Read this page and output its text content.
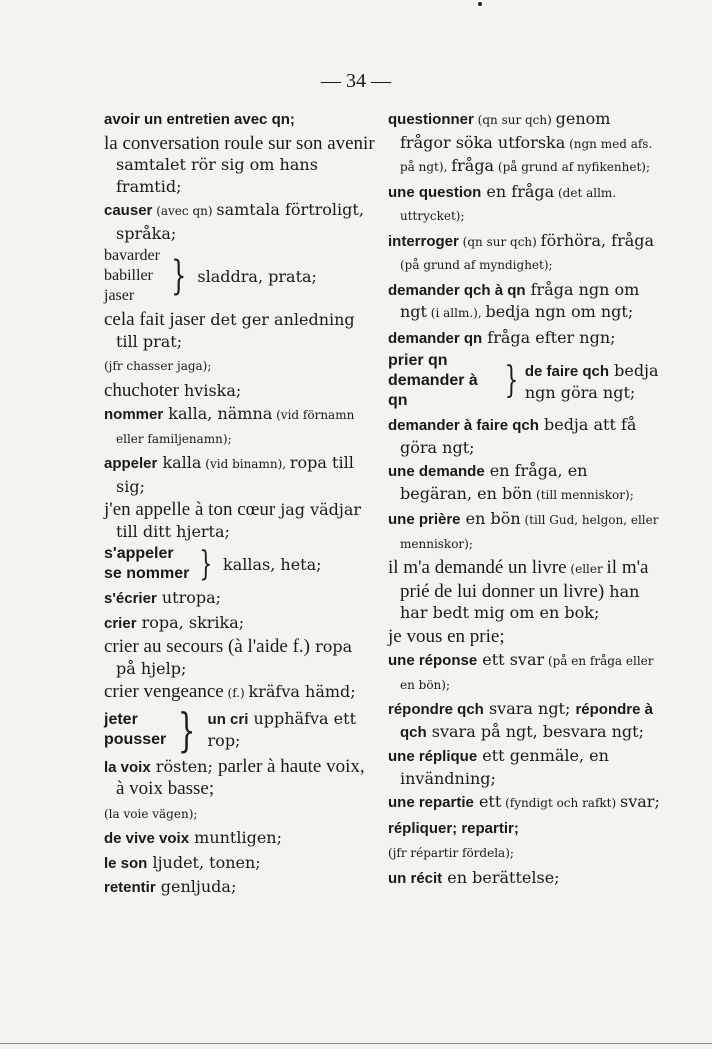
— 34 —
avoir un entretien avec qn;
la conversation roule sur son avenir samtalet rör sig om hans framtid;
causer (avec qn) samtala förtroligt, språka;
bavarder
babiller
jaser } sladdra, prata;
cela fait jaser det ger anledning till prat;
(jfr chasser jaga);
chuchoter hviska;
nommer kalla, nämna (vid förnamn eller familjenamn);
appeler kalla (vid binamn), ropa till sig;
j'en appelle à ton cœur jag vädjar till ditt hjerta;
s'appeler
se nommer } kallas, heta;
s'écrier utropa;
crier ropa, skrika;
crier au secours (à l'aide f.) ropa på hjelp;
crier vengeance (f.) kräfva hämd;
jeter
pousser } un cri upphäfva ett rop;
la voix rösten; parler à haute voix, à voix basse;
(la voie vägen);
de vive voix muntligen;
le son ljudet, tonen;
retentir genljuda;
questionner (qn sur qch) genom frågor söka utforska (ngn med afs. på ngt), fråga (på grund af nyfikenhet);
une question en fråga (det allm. uttrycket);
interroger (qn sur qch) förhöra, fråga (på grund af myndighet);
demander qch à qn fråga ngn om ngt (i allm.), bedja ngn om ngt;
demander qn fråga efter ngn;
prier qn
demander à qn	} de faire qch bedja ngn göra ngt;
demander à faire qch bedja att få göra ngt;
une demande en fråga, en begäran, en bön (till menniskor);
une prière en bön (till Gud, helgon, eller menniskor);
il m'a demandé un livre (eller il m'a prié de lui donner un livre) han har bedt mig om en bok;
je vous en prie;
une réponse ett svar (på en fråga eller en bön);
répondre qch svara ngt; répondre à qch svara på ngt, besvara ngt;
une réplique ett genmäle, en invändning;
une repartie ett (fyndigt och rafkt) svar;
répliquer; repartir;
(jfr répartir fördela);
un récit en berättelse;
